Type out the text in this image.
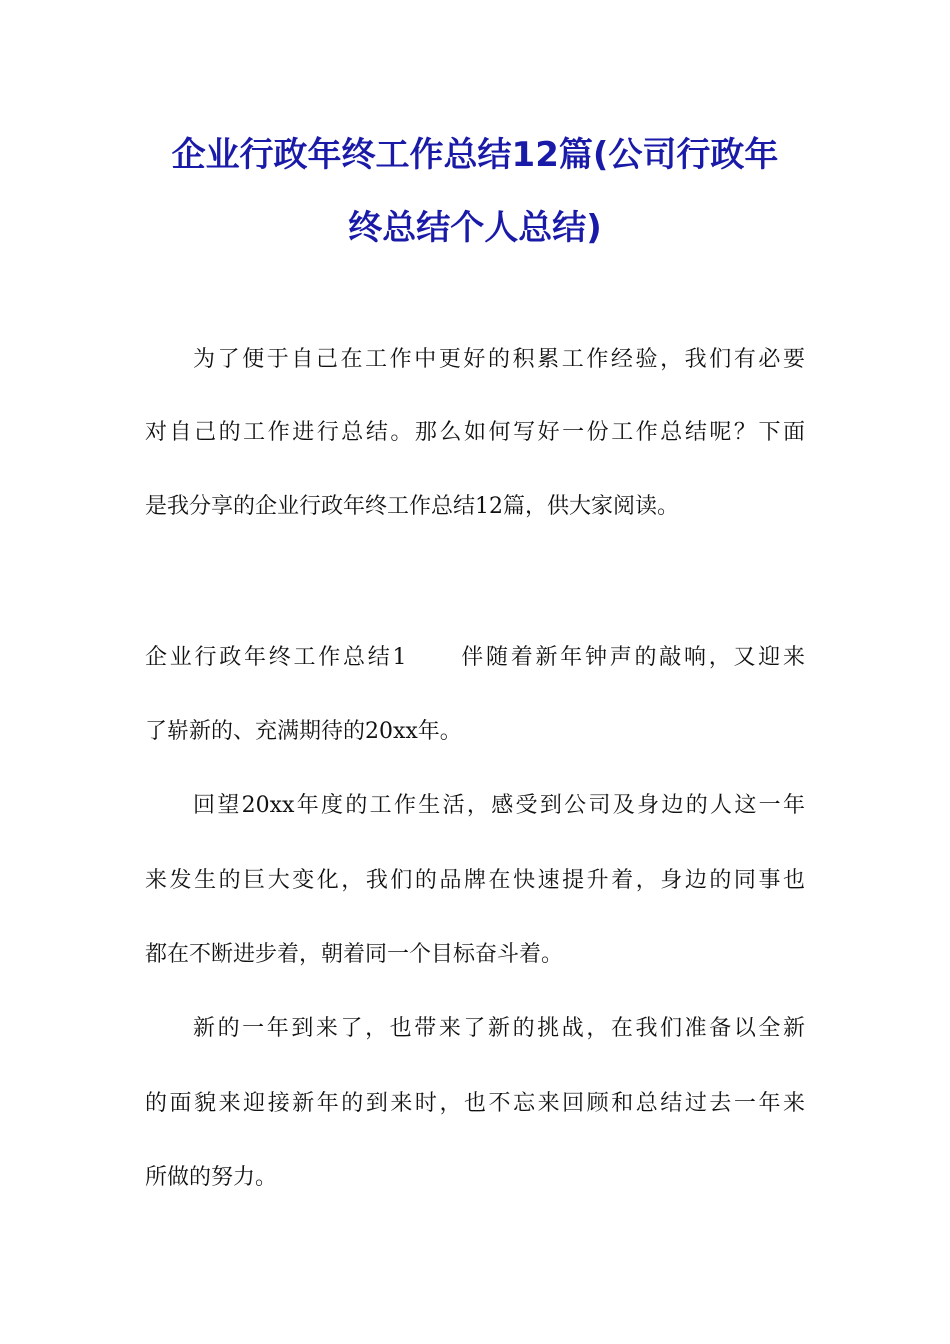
企业行政年终工作总结12篇(公司行政年
终总结个人总结)

为了便于自己在工作中更好的积累工作经验，我们有必要

对自己的工作进行总结。那么如何写好一份工作总结呢？下面

是我分享的企业行政年终工作总结12篇，供大家阅读。

企业行政年终工作总结1 伴随着新年钟声的敲响，又迎来

了崭新的、充满期待的20xx年。

回望20xx年度的工作生活，感受到公司及身边的人这一年

来发生的巨大变化，我们的品牌在快速提升着，身边的同事也

都在不断进步着，朝着同一个目标奋斗着。

新的一年到来了，也带来了新的挑战，在我们准备以全新

的面貌来迎接新年的到来时，也不忘来回顾和总结过去一年来

所做的努力。
